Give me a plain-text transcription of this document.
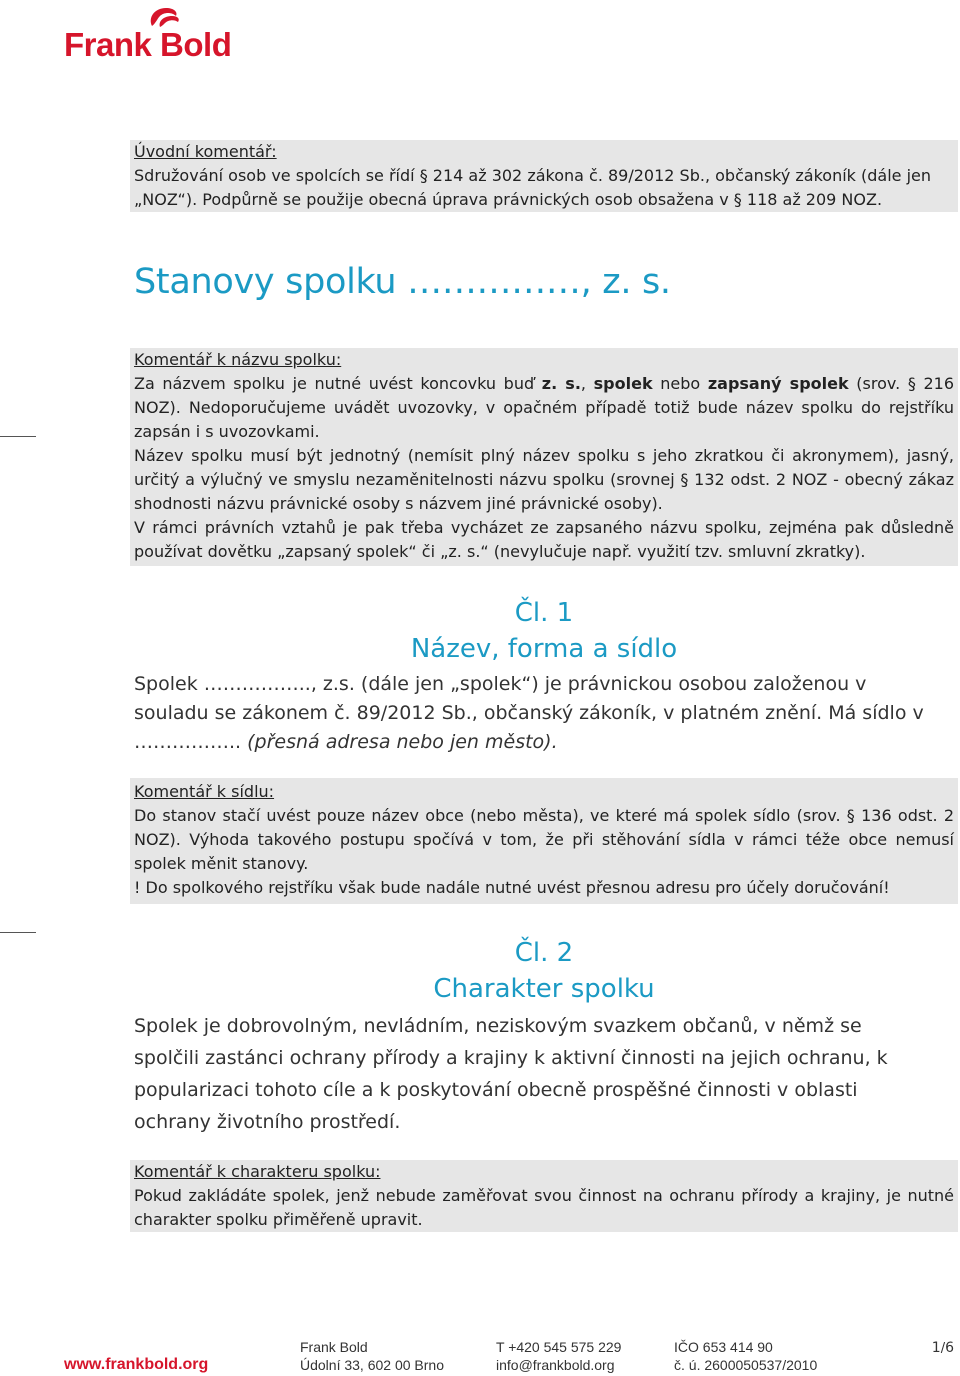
Frank Bold
Úvodní komentář:

Sdružování osob ve spolcích se řídí § 214 až 302 zákona č. 89/2012 Sb., občanský zákoník (dále jen „NOZ“). Podpůrně se použije obecná úprava právnických osob obsažena v § 118 až 209 NOZ.

Stanovy spolku ……………, z. s.
Komentář k názvu spolku:

Za názvem spolku je nutné uvést koncovku buď z. s., spolek nebo zapsaný spolek (srov. § 216 NOZ). Nedoporučujeme uvádět uvozovky, v opačném případě totiž bude název spolku do rejstříku zapsán i s uvozovkami.

Název spolku musí být jednotný (nemísit plný název spolku s jeho zkratkou či akronymem), jasný, určitý a výlučný ve smyslu nezaměnitelnosti názvu spolku (srovnej § 132 odst. 2 NOZ - obecný zákaz shodnosti názvu právnické osoby s názvem jiné právnické osoby).

V rámci právních vztahů je pak třeba vycházet ze zapsaného názvu spolku, zejména pak důsledně používat dovětku „zapsaný spolek“ či „z. s.“ (nevylučuje např. využití tzv. smluvní zkratky).

Čl. 1
Název, forma a sídlo
Spolek …………….., z.s. (dále jen „spolek“) je právnickou osobou založenou v souladu se zákonem č. 89/2012 Sb., občanský zákoník, v platném znění. Má sídlo v …………….. (přesná adresa nebo jen město).
Komentář k sídlu:

Do stanov stačí uvést pouze název obce (nebo města), ve které má spolek sídlo (srov. § 136 odst. 2 NOZ). Výhoda takového postupu spočívá v tom, že při stěhování sídla v rámci téže obce nemusí spolek měnit stanovy.

! Do spolkového rejstříku však bude nadále nutné uvést přesnou adresu pro účely doručování!

Čl. 2
Charakter spolku
Spolek je dobrovolným, nevládním, neziskovým svazkem občanů, v němž se spolčili zastánci ochrany přírody a krajiny k aktivní činnosti na jejich ochranu, k popularizaci tohoto cíle a k poskytování obecně prospěšné činnosti v oblasti ochrany životního prostředí.
Komentář k charakteru spolku:

Pokud zakládáte spolek, jenž nebude zaměřovat svou činnost na ochranu přírody a krajiny, je nutné charakter spolku přiměřeně upravit.

www.frankbold.org
Frank Bold
Údolní 33, 602 00 Brno
T +420 545 575 229
info@frankbold.org
IČO 653 414 90
č. ú. 2600050537/2010
1/6
